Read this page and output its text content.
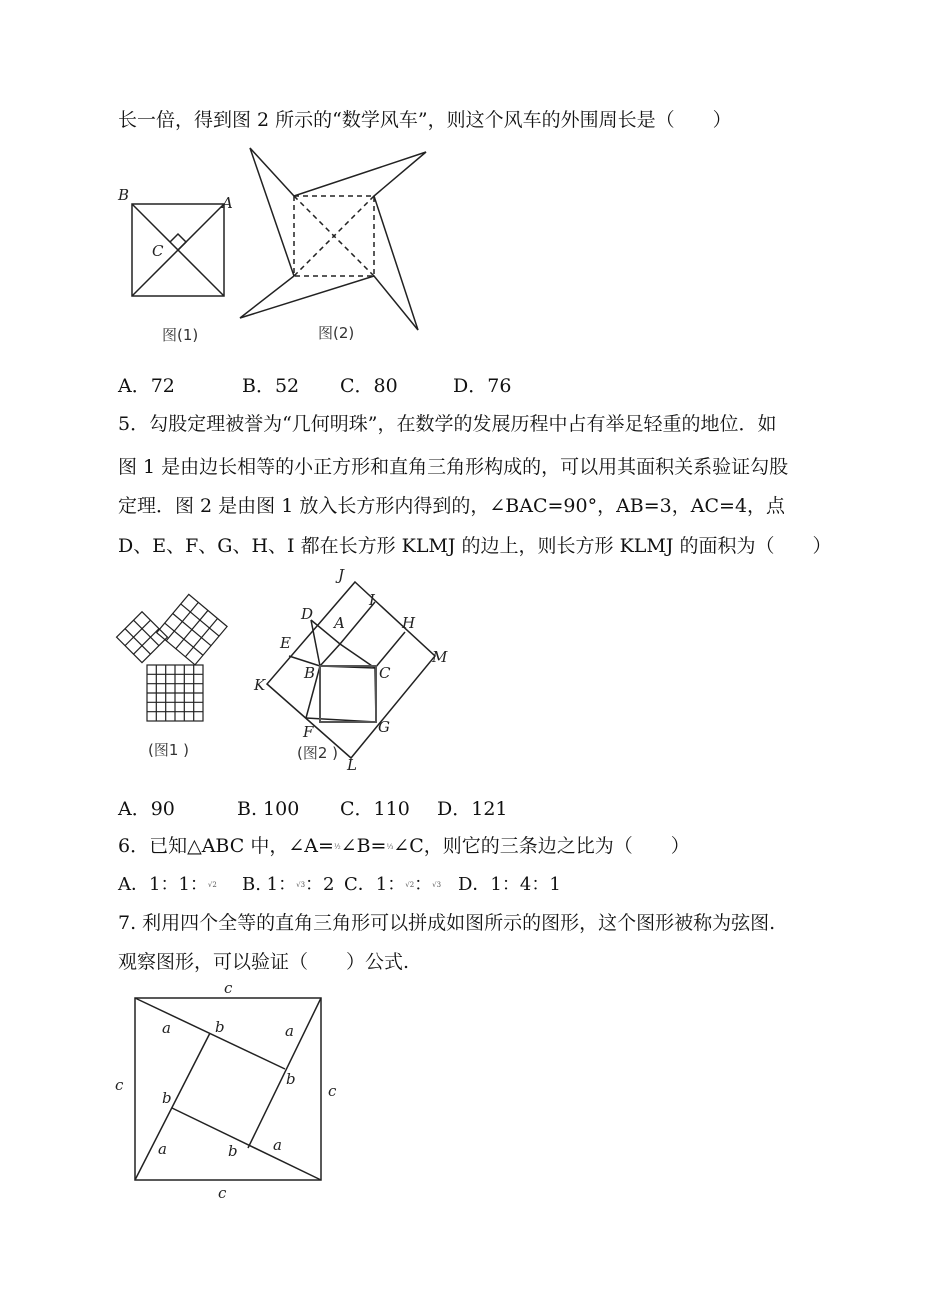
长一倍，得到图 2 所示的“数学风车”，则这个风车的外围周长是（　　）
B	A
C
图(1)	图(2)
A．72	B．52 C．80	D．76
5．勾股定理被誉为“几何明珠”，在数学的发展历程中占有举足轻重的地位．如
图 1 是由边长相等的小正方形和直角三角形构成的，可以用其面积关系验证勾股
定理．图 2 是由图 1 放入长方形内得到的，∠BAC=90°，AB=3，AC=4，点
D、E、F、G、H、I 都在长方形 KLMJ 的边上，则长方形 KLMJ 的面积为（　　）
(图1 )
J
I
D A	H
E
M
B	C
K
F	G
L
(图2 )
A．90	B. 100 C．110 D．121
6．已知△ABC 中，∠A=½∠B=⅓∠C，则它的三条边之比为（　　）
A．1：1：√2 B. 1：√3：2 C．1：√2：√3 D．1：4：1
7. 利用四个全等的直角三角形可以拼成如图所示的图形，这个图形被称为弦图.
观察图形，可以验证（　　）公式.
c
c	c
c
a	a
a	a
b
b
b
b
